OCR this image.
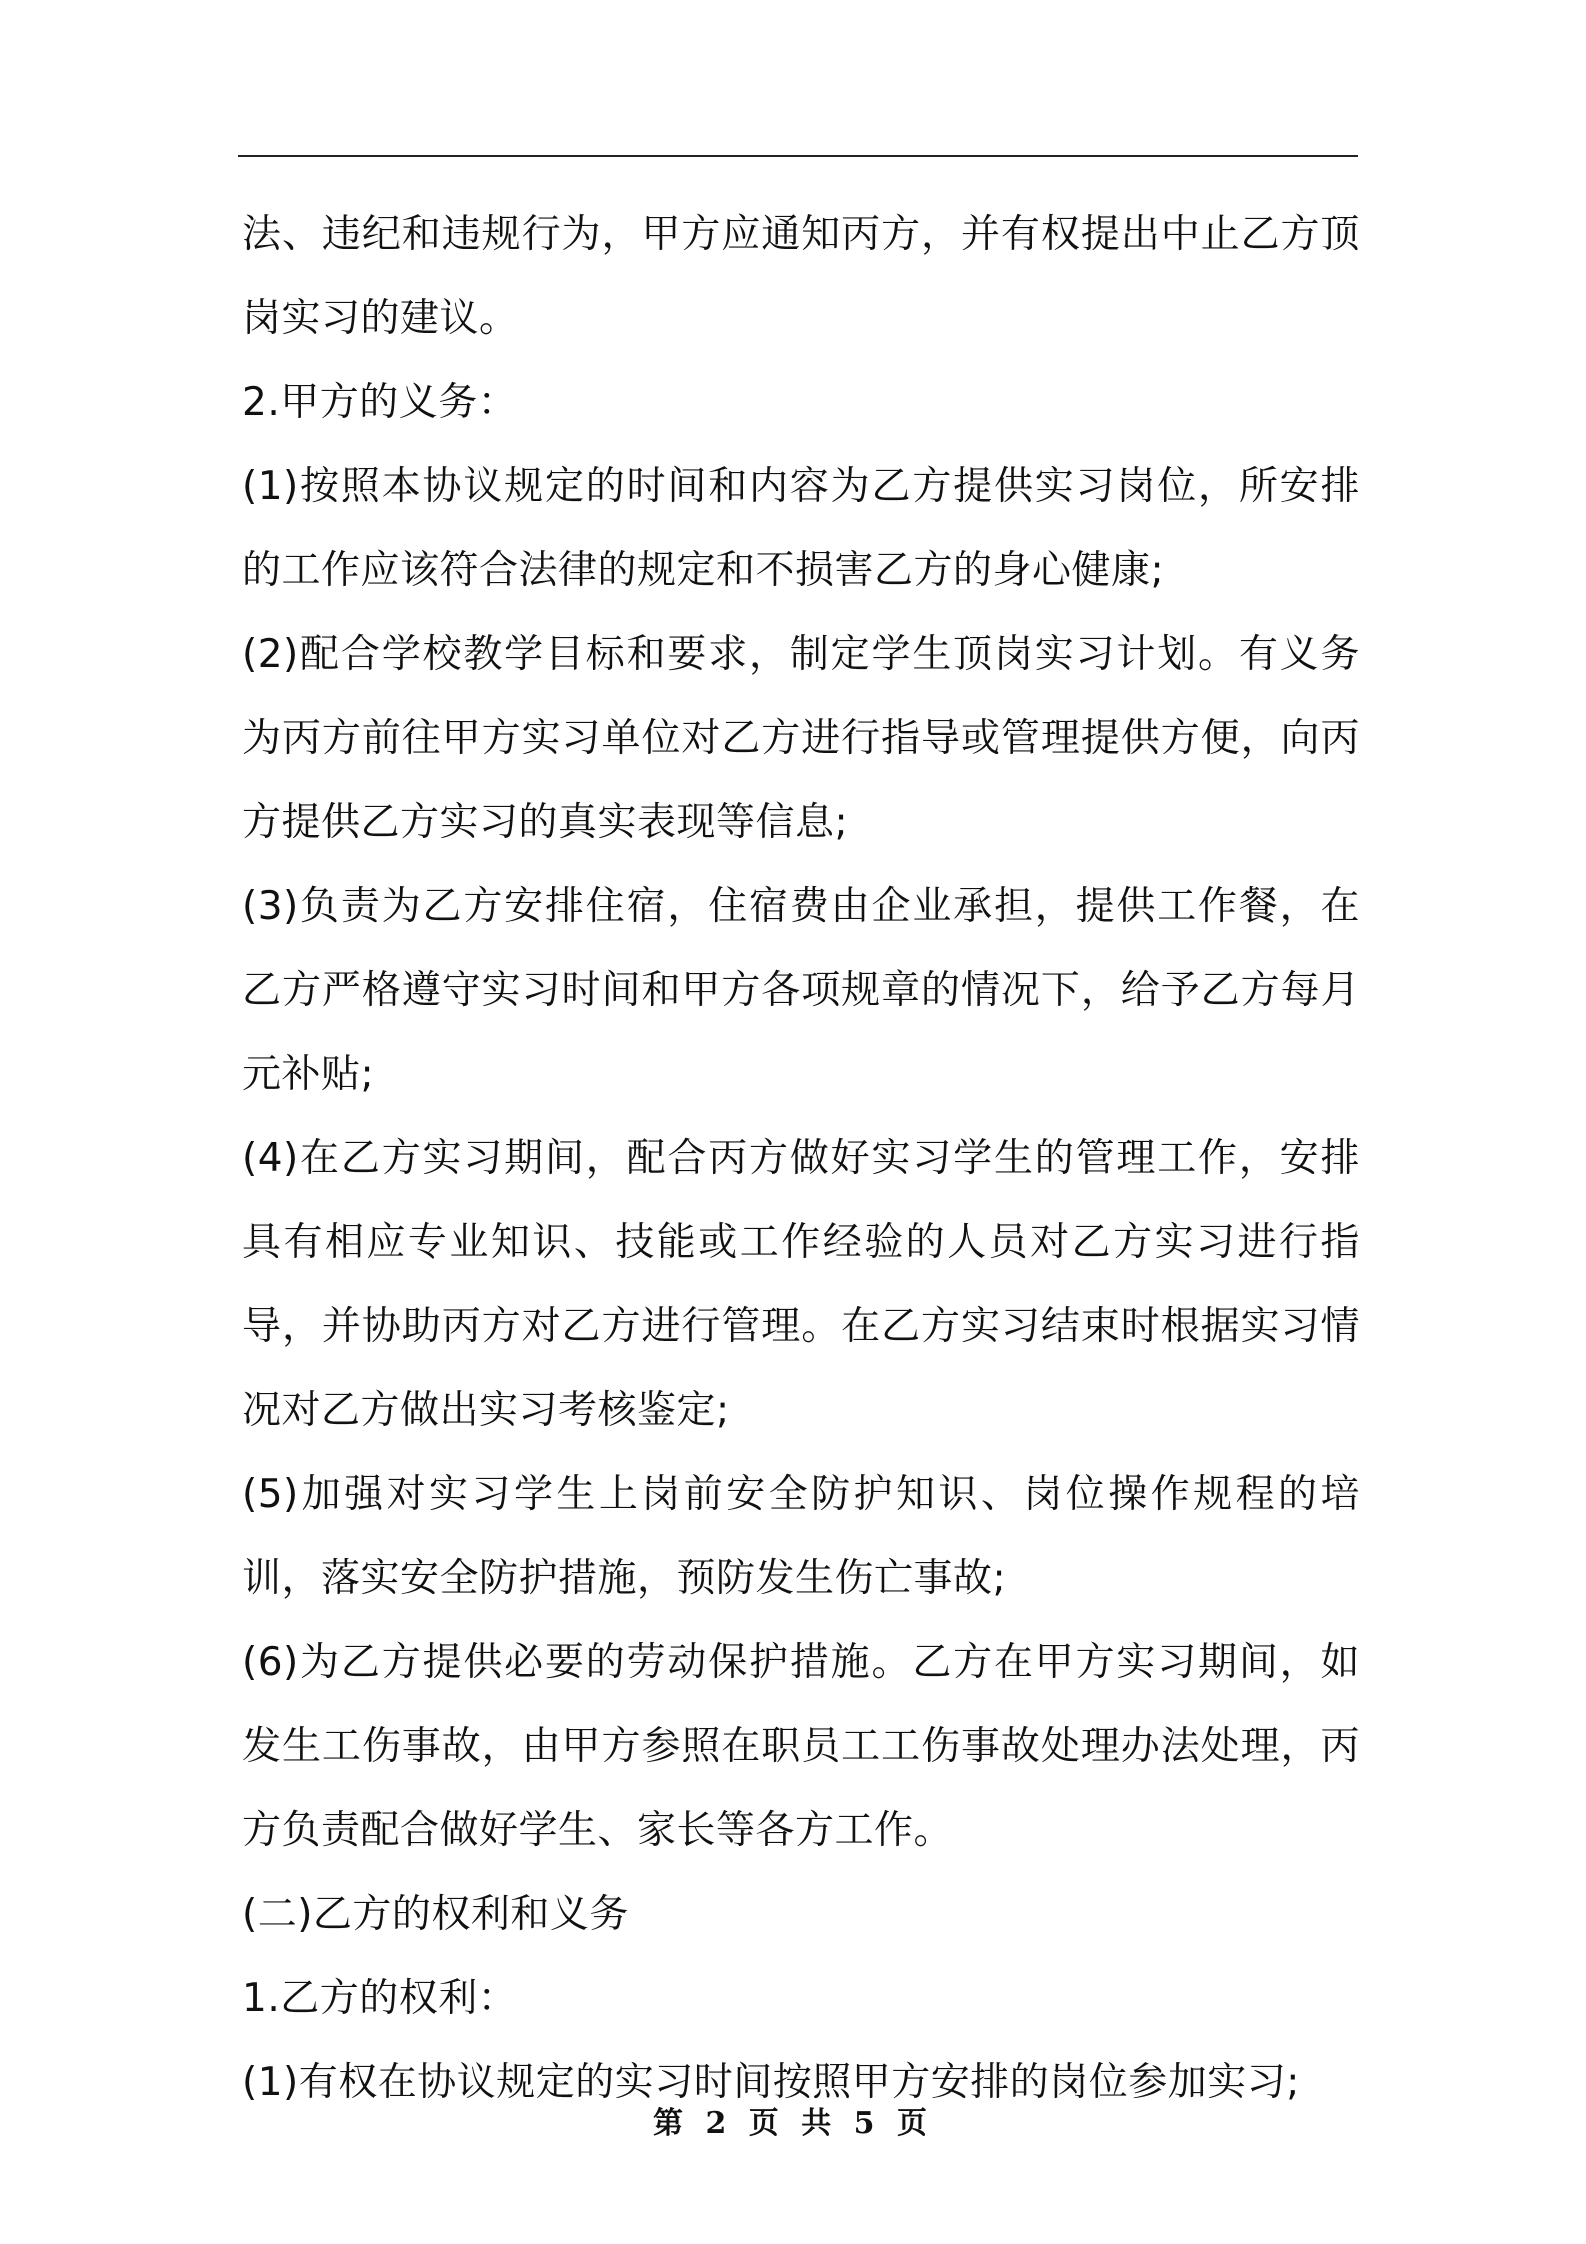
法、违纪和违规行为，甲方应通知丙方，并有权提出中止乙方顶岗实习的建议。

2.甲方的义务：

(1)按照本协议规定的时间和内容为乙方提供实习岗位，所安排的工作应该符合法律的规定和不损害乙方的身心健康;

(2)配合学校教学目标和要求，制定学生顶岗实习计划。有义务为丙方前往甲方实习单位对乙方进行指导或管理提供方便，向丙方提供乙方实习的真实表现等信息;

(3)负责为乙方安排住宿，住宿费由企业承担，提供工作餐，在乙方严格遵守实习时间和甲方各项规章的情况下，给予乙方每月元补贴;

(4)在乙方实习期间，配合丙方做好实习学生的管理工作，安排具有相应专业知识、技能或工作经验的人员对乙方实习进行指导，并协助丙方对乙方进行管理。在乙方实习结束时根据实习情况对乙方做出实习考核鉴定;

(5)加强对实习学生上岗前安全防护知识、岗位操作规程的培训，落实安全防护措施，预防发生伤亡事故;

(6)为乙方提供必要的劳动保护措施。乙方在甲方实习期间，如发生工伤事故，由甲方参照在职员工工伤事故处理办法处理，丙方负责配合做好学生、家长等各方工作。

(二)乙方的权利和义务

1.乙方的权利：

(1)有权在协议规定的实习时间按照甲方安排的岗位参加实习;

第 2 页 共 5 页
